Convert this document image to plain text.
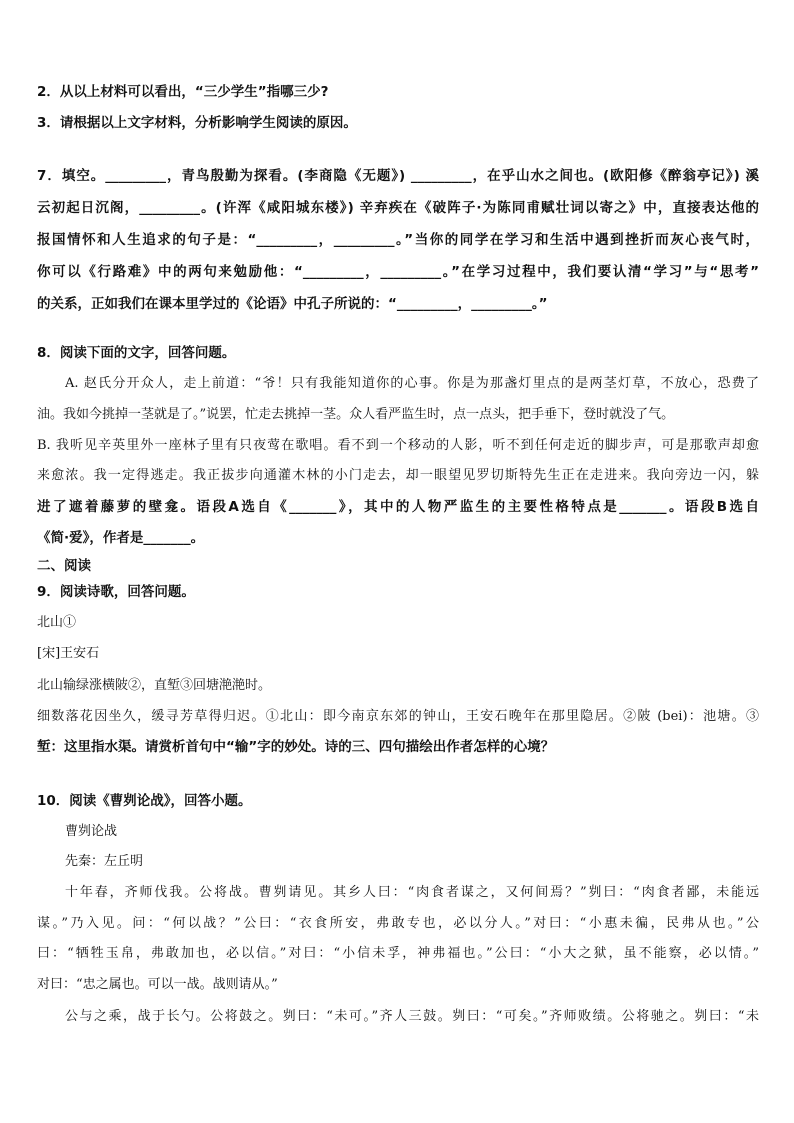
2．从以上材料可以看出，“三少学生”指哪三少?
3．请根据以上文字材料，分析影响学生阅读的原因。
7．填空。_________，青鸟殷勤为探看。(李商隐《无题》) _________，在乎山水之间也。(欧阳修《醉翁亭记》) 溪
云初起日沉阁，_________。(许浑《咸阳城东楼》) 辛弃疾在《破阵子·为陈同甫赋壮词以寄之》中，直接表达他的
报国情怀和人生追求的句子是：“_________，_________。”当你的同学在学习和生活中遇到挫折而灰心丧气时，
你可以《行路难》中的两句来勉励他：“_________，_________。”在学习过程中，我们要认清“学习”与“思考”
的关系，正如我们在课本里学过的《论语》中孔子所说的：“_________，_________。”
8．阅读下面的文字，回答问题。
A. 赵氏分开众人，走上前道：“爷！只有我能知道你的心事。你是为那盏灯里点的是两茎灯草，不放心，恐费了
油。我如今挑掉一茎就是了。”说罢，忙走去挑掉一茎。众人看严监生时，点一点头，把手垂下，登时就没了气。
B. 我听见辛英里外一座林子里有只夜莺在歌唱。看不到一个移动的人影，听不到任何走近的脚步声，可是那歌声却愈
来愈浓。我一定得逃走。我正拔步向通灌木林的小门走去，却一眼望见罗切斯特先生正在走进来。我向旁边一闪，躲
进了遮着藤萝的壁龛。语段A选自《_______》，其中的人物严监生的主要性格特点是_______。语段B选自
《简·爱》，作者是_______。
二、阅读
9．阅读诗歌，回答问题。
北山①
[宋]王安石
北山输绿涨横陂②，直堑③回塘滟滟时。
细数落花因坐久，缓寻芳草得归迟。①北山：即今南京东郊的钟山，王安石晚年在那里隐居。②陂 (bei)：池塘。③
堑：这里指水渠。请赏析首句中“输”字的妙处。诗的三、四句描绘出作者怎样的心境？
10．阅读《曹刿论战》，回答小题。
曹刿论战
先秦：左丘明
十年春，齐师伐我。公将战。曹刿请见。其乡人曰：“肉食者谋之，又何间焉？”刿曰：“肉食者鄙，未能远
谋。”乃入见。问：“何以战？”公曰：“衣食所安，弗敢专也，必以分人。”对曰：“小惠未徧，民弗从也。”公
曰：“牺牲玉帛，弗敢加也，必以信。”对曰：“小信未孚，神弗福也。”公曰：“小大之狱，虽不能察，必以情。”
对曰：“忠之属也。可以一战。战则请从。”
公与之乘，战于长勺。公将鼓之。刿曰：“未可。”齐人三鼓。刿曰：“可矣。”齐师败绩。公将驰之。刿曰：“未
